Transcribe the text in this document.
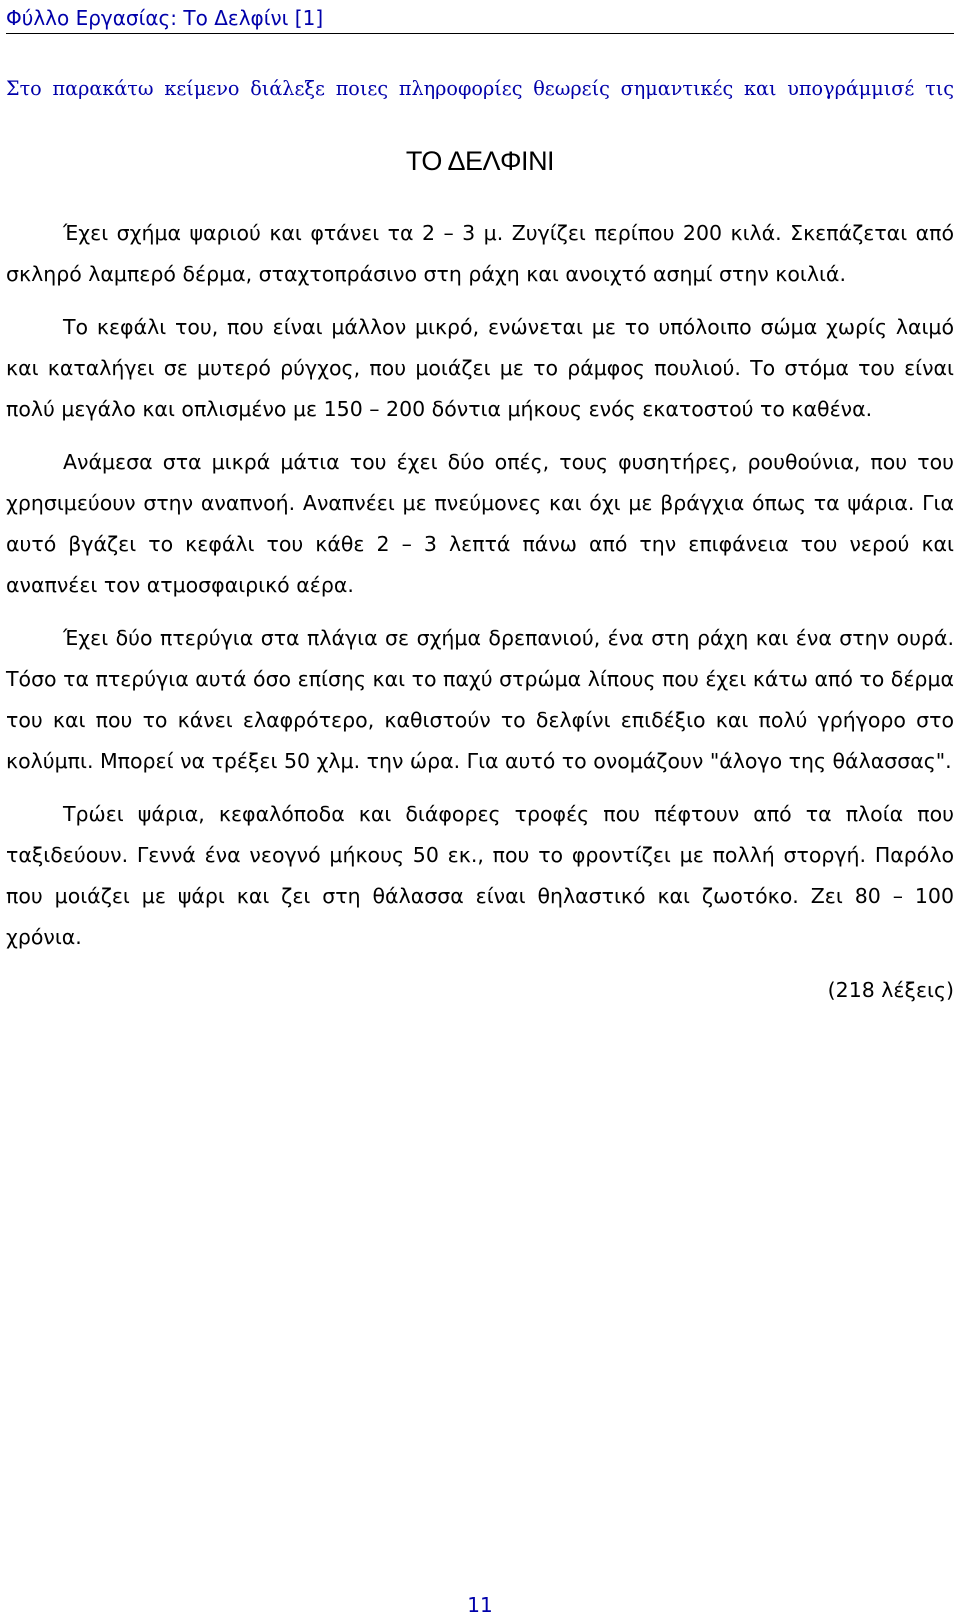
Φύλλο Εργασίας: Το Δελφίνι [1]
Στο παρακάτω κείμενο διάλεξε ποιες πληροφορίες θεωρείς σημαντικές και υπογράμμισέ τις
ΤΟ ΔΕΛΦΙΝΙ

Έχει σχήμα ψαριού και φτάνει τα 2 – 3 μ. Ζυγίζει περίπου 200 κιλά. Σκεπάζεται από σκληρό λαμπερό δέρμα, σταχτοπράσινο στη ράχη και ανοιχτό ασημί στην κοιλιά.

Το κεφάλι του, που είναι μάλλον μικρό, ενώνεται με το υπόλοιπο σώμα χωρίς λαιμό και καταλήγει σε μυτερό ρύγχος, που μοιάζει με το ράμφος πουλιού. Το στόμα του είναι πολύ μεγάλο και οπλισμένο με 150 – 200 δόντια μήκους ενός εκατοστού το καθένα.

Ανάμεσα στα μικρά μάτια του έχει δύο οπές, τους φυσητήρες, ρουθούνια, που του χρησιμεύουν στην αναπνοή. Αναπνέει με πνεύμονες και όχι με βράγχια όπως τα ψάρια. Για αυτό βγάζει το κεφάλι του κάθε 2 – 3 λεπτά πάνω από την επιφάνεια του νερού και αναπνέει τον ατμοσφαιρικό αέρα.

Έχει δύο πτερύγια στα πλάγια σε σχήμα δρεπανιού, ένα στη ράχη και ένα στην ουρά. Τόσο τα πτερύγια αυτά όσο επίσης και το παχύ στρώμα λίπους που έχει κάτω από το δέρμα του και που το κάνει ελαφρότερο, καθιστούν το δελφίνι επιδέξιο και πολύ γρήγορο στο κολύμπι. Μπορεί να τρέξει 50 χλμ. την ώρα. Για αυτό το ονομάζουν "άλογο της θάλασσας".

Τρώει ψάρια, κεφαλόποδα και διάφορες τροφές που πέφτουν από τα πλοία που ταξιδεύουν. Γεννά ένα νεογνό μήκους 50 εκ., που το φροντίζει με πολλή στοργή. Παρόλο που μοιάζει με ψάρι και ζει στη θάλασσα είναι θηλαστικό και ζωοτόκο. Ζει 80 – 100 χρόνια.

(218 λέξεις)

11
